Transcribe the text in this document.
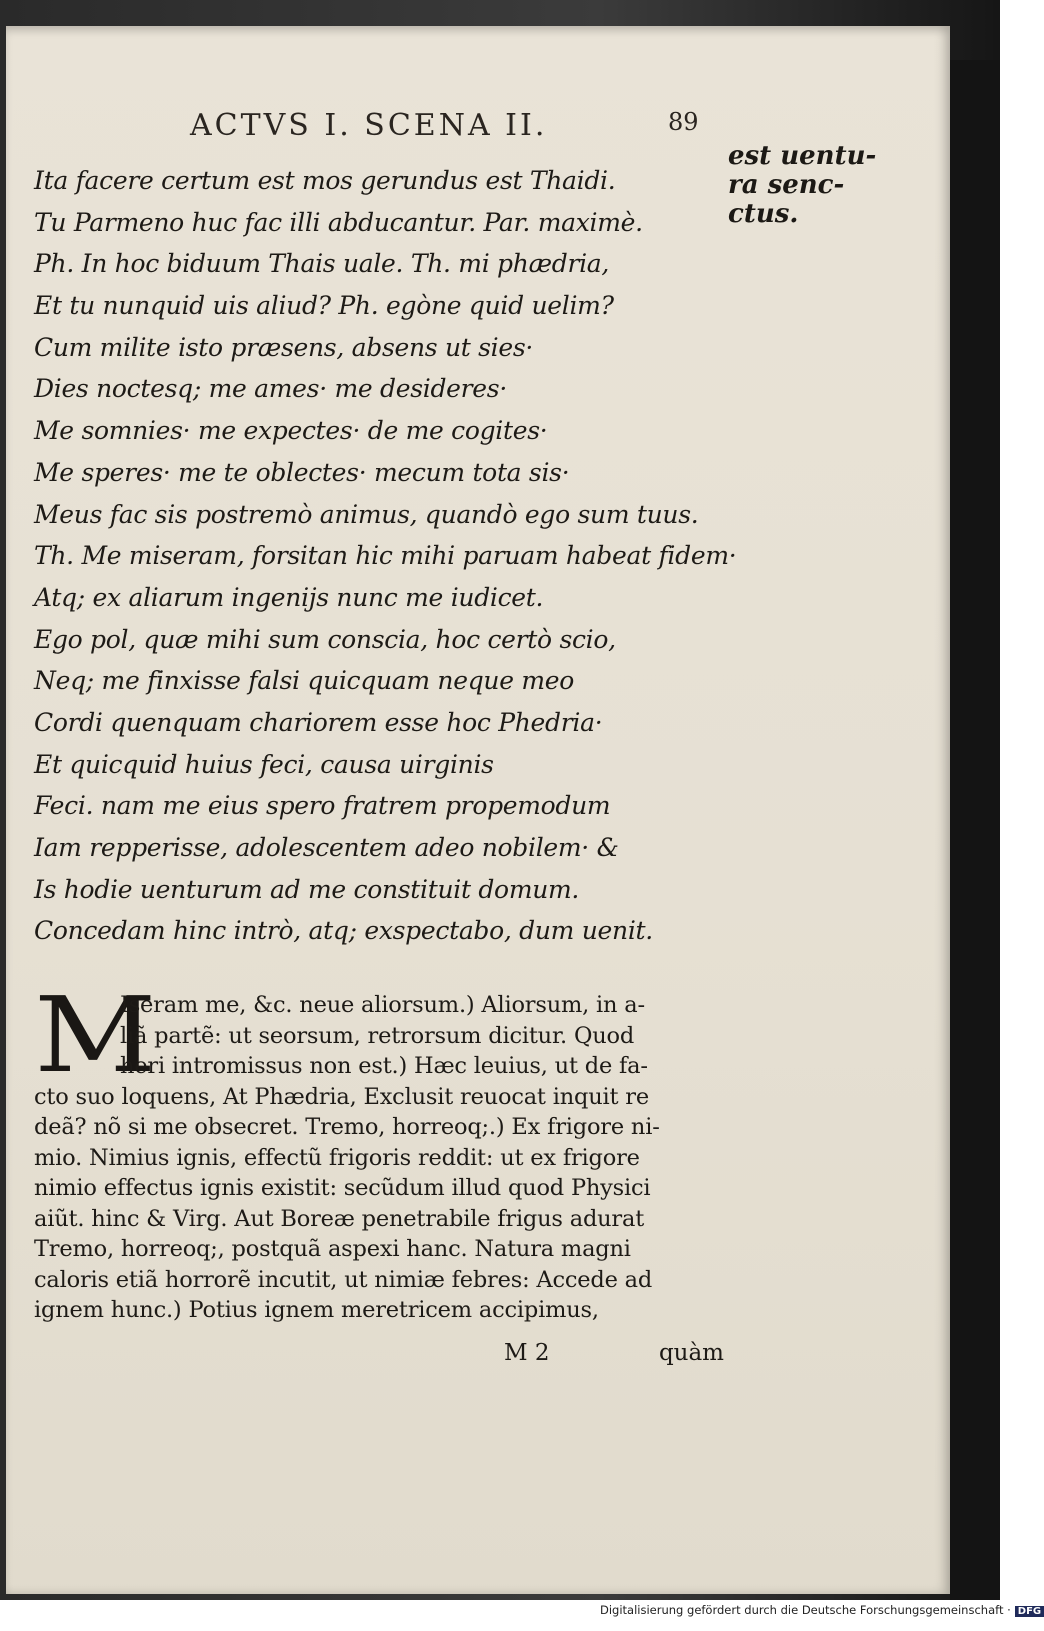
ACTVS I. SCENA II.	89
est uentu-
ra senc-
ctus.
Ita facere certum est mos gerundus est Thaidi.
Tu Parmeno huc fac illi abducantur. Par. maximè.
Ph. In hoc biduum Thais uale. Th. mi phædria,
Et tu nunquid uis aliud? Ph. egòne quid uelim?
Cum milite isto præsens, absens ut sies·
Dies noctesq; me ames· me desideres·
Me somnies· me expectes· de me cogites·
Me speres· me te oblectes· mecum tota sis·
Meus fac sis postremò animus, quandò ego sum tuus.
Th. Me miseram, forsitan hic mihi paruam habeat fidem·
Atq; ex aliarum ingenijs nunc me iudicet.
Ego pol, quæ mihi sum conscia, hoc certò scio,
Neq; me finxisse falsi quicquam neque meo
Cordi quenquam chariorem esse hoc Phedria·
Et quicquid huius feci, causa uirginis
Feci. nam me eius spero fratrem propemodum
Iam repperisse, adolescentem adeo nobilem· &
Is hodie uenturum ad me constituit domum.
Concedam hinc intrò, atq; exspectabo, dum uenit.
M
Iseram me, &c. neue aliorsum.) Aliorsum, in a-
liã partẽ: ut seorsum, retrorsum dicitur. Quod
heri intromissus non est.) Hæc leuius, ut de fa-
cto suo loquens, At Phædria, Exclusit reuocat inquit re
deã? nõ si me obsecret. Tremo, horreoq;.) Ex frigore ni-
mio. Nimius ignis, effectũ frigoris reddit: ut ex frigore
nimio effectus ignis existit: secũdum illud quod Physici
aiũt. hinc & Virg. Aut Boreæ penetrabile frigus adurat
Tremo, horreoq;, postquã aspexi hanc. Natura magni
caloris etiã horrorẽ incutit, ut nimiæ febres: Accede ad
ignem hunc.) Potius ignem meretricem accipimus,
M 2	quàm
Digitalisierung gefördert durch die Deutsche Forschungsgemeinschaft · DFG
